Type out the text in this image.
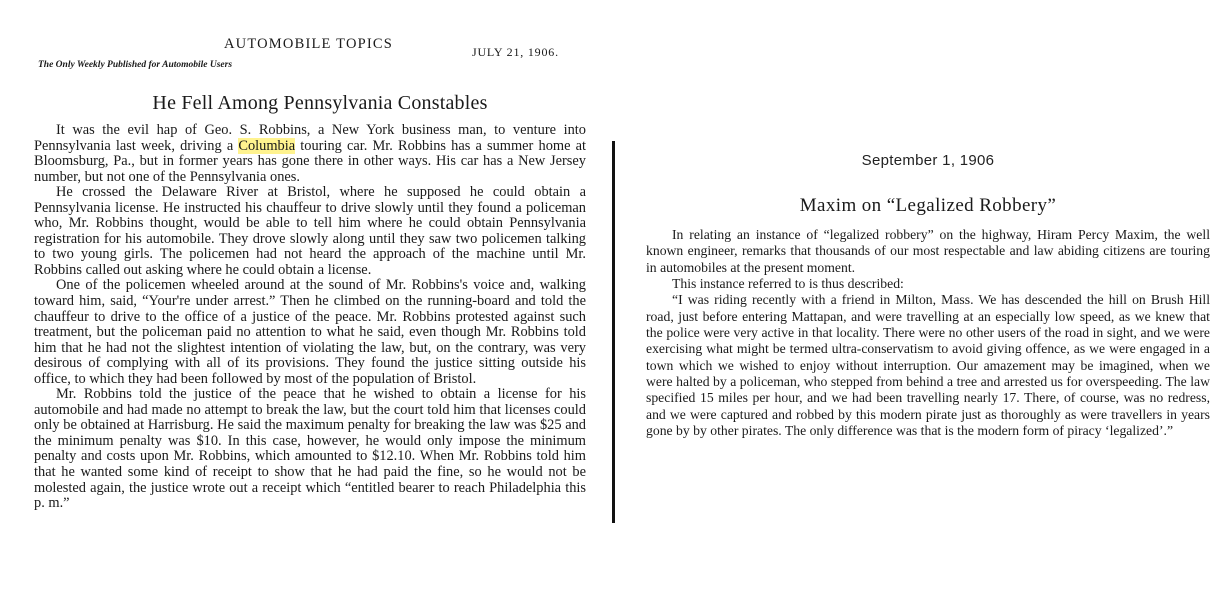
AUTOMOBILE TOPICS	JULY 21, 1906.
The Only Weekly Published for Automobile Users
He Fell Among Pennsylvania Constables

It was the evil hap of Geo. S. Robbins, a New York business man, to venture into Pennsylvania last week, driving a Columbia touring car. Mr. Robbins has a summer home at Bloomsburg, Pa., but in former years has gone there in other ways. His car has a New Jersey number, but not one of the Pennsylvania ones.

He crossed the Delaware River at Bristol, where he supposed he could obtain a Pennsylvania license. He instructed his chauffeur to drive slowly until they found a policeman who, Mr. Robbins thought, would be able to tell him where he could obtain Pennsylvania registration for his automobile. They drove slowly along until they saw two policemen talking to two young girls. The policemen had not heard the approach of the machine until Mr. Robbins called out asking where he could obtain a license.

One of the policemen wheeled around at the sound of Mr. Robbins's voice and, walking toward him, said, “Your're under arrest.” Then he climbed on the running-board and told the chauffeur to drive to the office of a justice of the peace. Mr. Robbins protested against such treatment, but the policeman paid no attention to what he said, even though Mr. Robbins told him that he had not the slightest intention of violating the law, but, on the contrary, was very desirous of complying with all of its provisions. They found the justice sitting outside his office, to which they had been followed by most of the population of Bristol.

Mr. Robbins told the justice of the peace that he wished to obtain a license for his automobile and had made no attempt to break the law, but the court told him that licenses could only be obtained at Harrisburg. He said the maximum penalty for breaking the law was $25 and the minimum penalty was $10. In this case, however, he would only impose the minimum penalty and costs upon Mr. Robbins, which amounted to $12.10. When Mr. Robbins told him that he wanted some kind of receipt to show that he had paid the fine, so he would not be molested again, the justice wrote out a receipt which “entitled bearer to reach Philadelphia this p. m.”

September 1, 1906
Maxim on “Legalized Robbery”

In relating an instance of “legalized robbery” on the highway, Hiram Percy Maxim, the well known engineer, remarks that thousands of our most respectable and law abiding citizens are touring in automobiles at the present moment.

This instance referred to is thus described:

“I was riding recently with a friend in Milton, Mass. We has descended the hill on Brush Hill road, just before entering Mattapan, and were travelling at an especially low speed, as we knew that the police were very active in that locality. There were no other users of the road in sight, and we were exercising what might be termed ultra-conservatism to avoid giving offence, as we were engaged in a town which we wished to enjoy without interruption. Our amazement may be imagined, when we were halted by a policeman, who stepped from behind a tree and arrested us for overspeeding. The law specified 15 miles per hour, and we had been travelling nearly 17. There, of course, was no redress, and we were captured and robbed by this modern pirate just as thoroughly as were travellers in years gone by by other pirates. The only difference was that is the modern form of piracy ‘legalized’.”
